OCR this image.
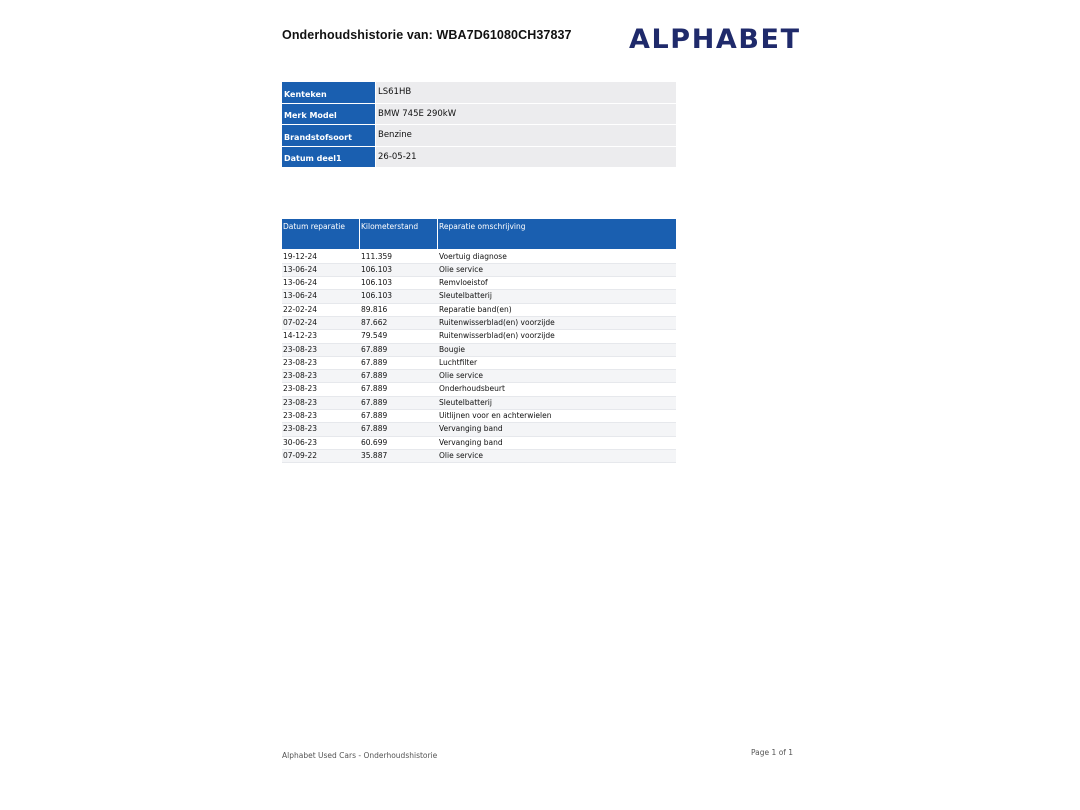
Onderhoudshistorie van: WBA7D61080CH37837 ALPHABET
Kenteken	LS61HB
Merk Model	BMW 745E 290kW
Brandstofsoort	Benzine
Datum deel1	26-05-21
Datum reparatie	Kilometerstand	Reparatie omschrijving
19-12-24	111.359	Voertuig diagnose
13-06-24	106.103	Olie service
13-06-24	106.103	Remvloeistof
13-06-24	106.103	Sleutelbatterij
22-02-24	89.816	Reparatie band(en)
07-02-24	87.662	Ruitenwisserblad(en) voorzijde
14-12-23	79.549	Ruitenwisserblad(en) voorzijde
23-08-23	67.889	Bougie
23-08-23	67.889	Luchtfilter
23-08-23	67.889	Olie service
23-08-23	67.889	Onderhoudsbeurt
23-08-23	67.889	Sleutelbatterij
23-08-23	67.889	Uitlijnen voor en achterwielen
23-08-23	67.889	Vervanging band
30-06-23	60.699	Vervanging band
07-09-22	35.887	Olie service
Alphabet Used Cars - Onderhoudshistorie	Page 1 of 1
